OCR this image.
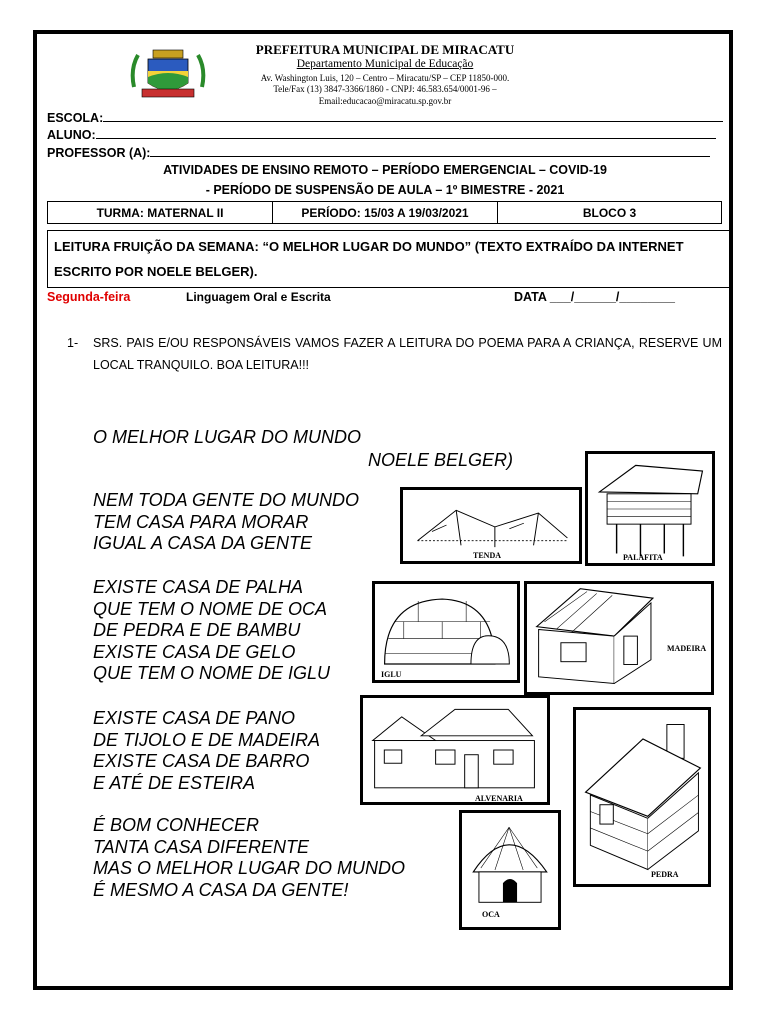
PREFEITURA MUNICIPAL DE MIRACATU
Departamento Municipal de Educação
Av. Washington Luis, 120 – Centro – Miracatu/SP – CEP 11850-000.
Tele/Fax (13) 3847-3366/1860 - CNPJ: 46.583.654/0001-96 –
Email:educacao@miracatu.sp.gov.br
ESCOLA:
ALUNO:
PROFESSOR (A):
ATIVIDADES DE ENSINO REMOTO – PERÍODO EMERGENCIAL – COVID-19
- PERÍODO DE SUSPENSÃO DE AULA – 1º BIMESTRE - 2021
TURMA: MATERNAL II	PERÍODO: 15/03 A 19/03/2021	BLOCO 3
LEITURA FRUIÇÃO DA SEMANA: “O MELHOR LUGAR DO MUNDO” (TEXTO EXTRAÍDO DA INTERNET
ESCRITO POR NOELE BELGER).
Segunda-feira	Linguagem Oral e Escrita	DATA ___/______/________
1- SRS. PAIS E/OU RESPONSÁVEIS VAMOS FAZER A LEITURA DO POEMA PARA A CRIANÇA, RESERVE UM LOCAL TRANQUILO. BOA LEITURA!!!
O MELHOR LUGAR DO MUNDO
NOELE BELGER)
NEM TODA GENTE DO MUNDO
TEM CASA PARA MORAR
IGUAL A CASA DA GENTE
EXISTE CASA DE PALHA
QUE TEM O NOME DE OCA
DE PEDRA E DE BAMBU
EXISTE CASA DE GELO
QUE TEM O NOME DE IGLU
EXISTE CASA DE PANO
DE TIJOLO E DE MADEIRA
EXISTE CASA DE BARRO
E ATÉ DE ESTEIRA
É BOM CONHECER
TANTA CASA DIFERENTE
MAS O MELHOR LUGAR DO MUNDO
É MESMO A CASA DA GENTE!
TENDA	PALAFITA
IGLU
MADEIRA
ALVENARIA
PEDRA
OCA
